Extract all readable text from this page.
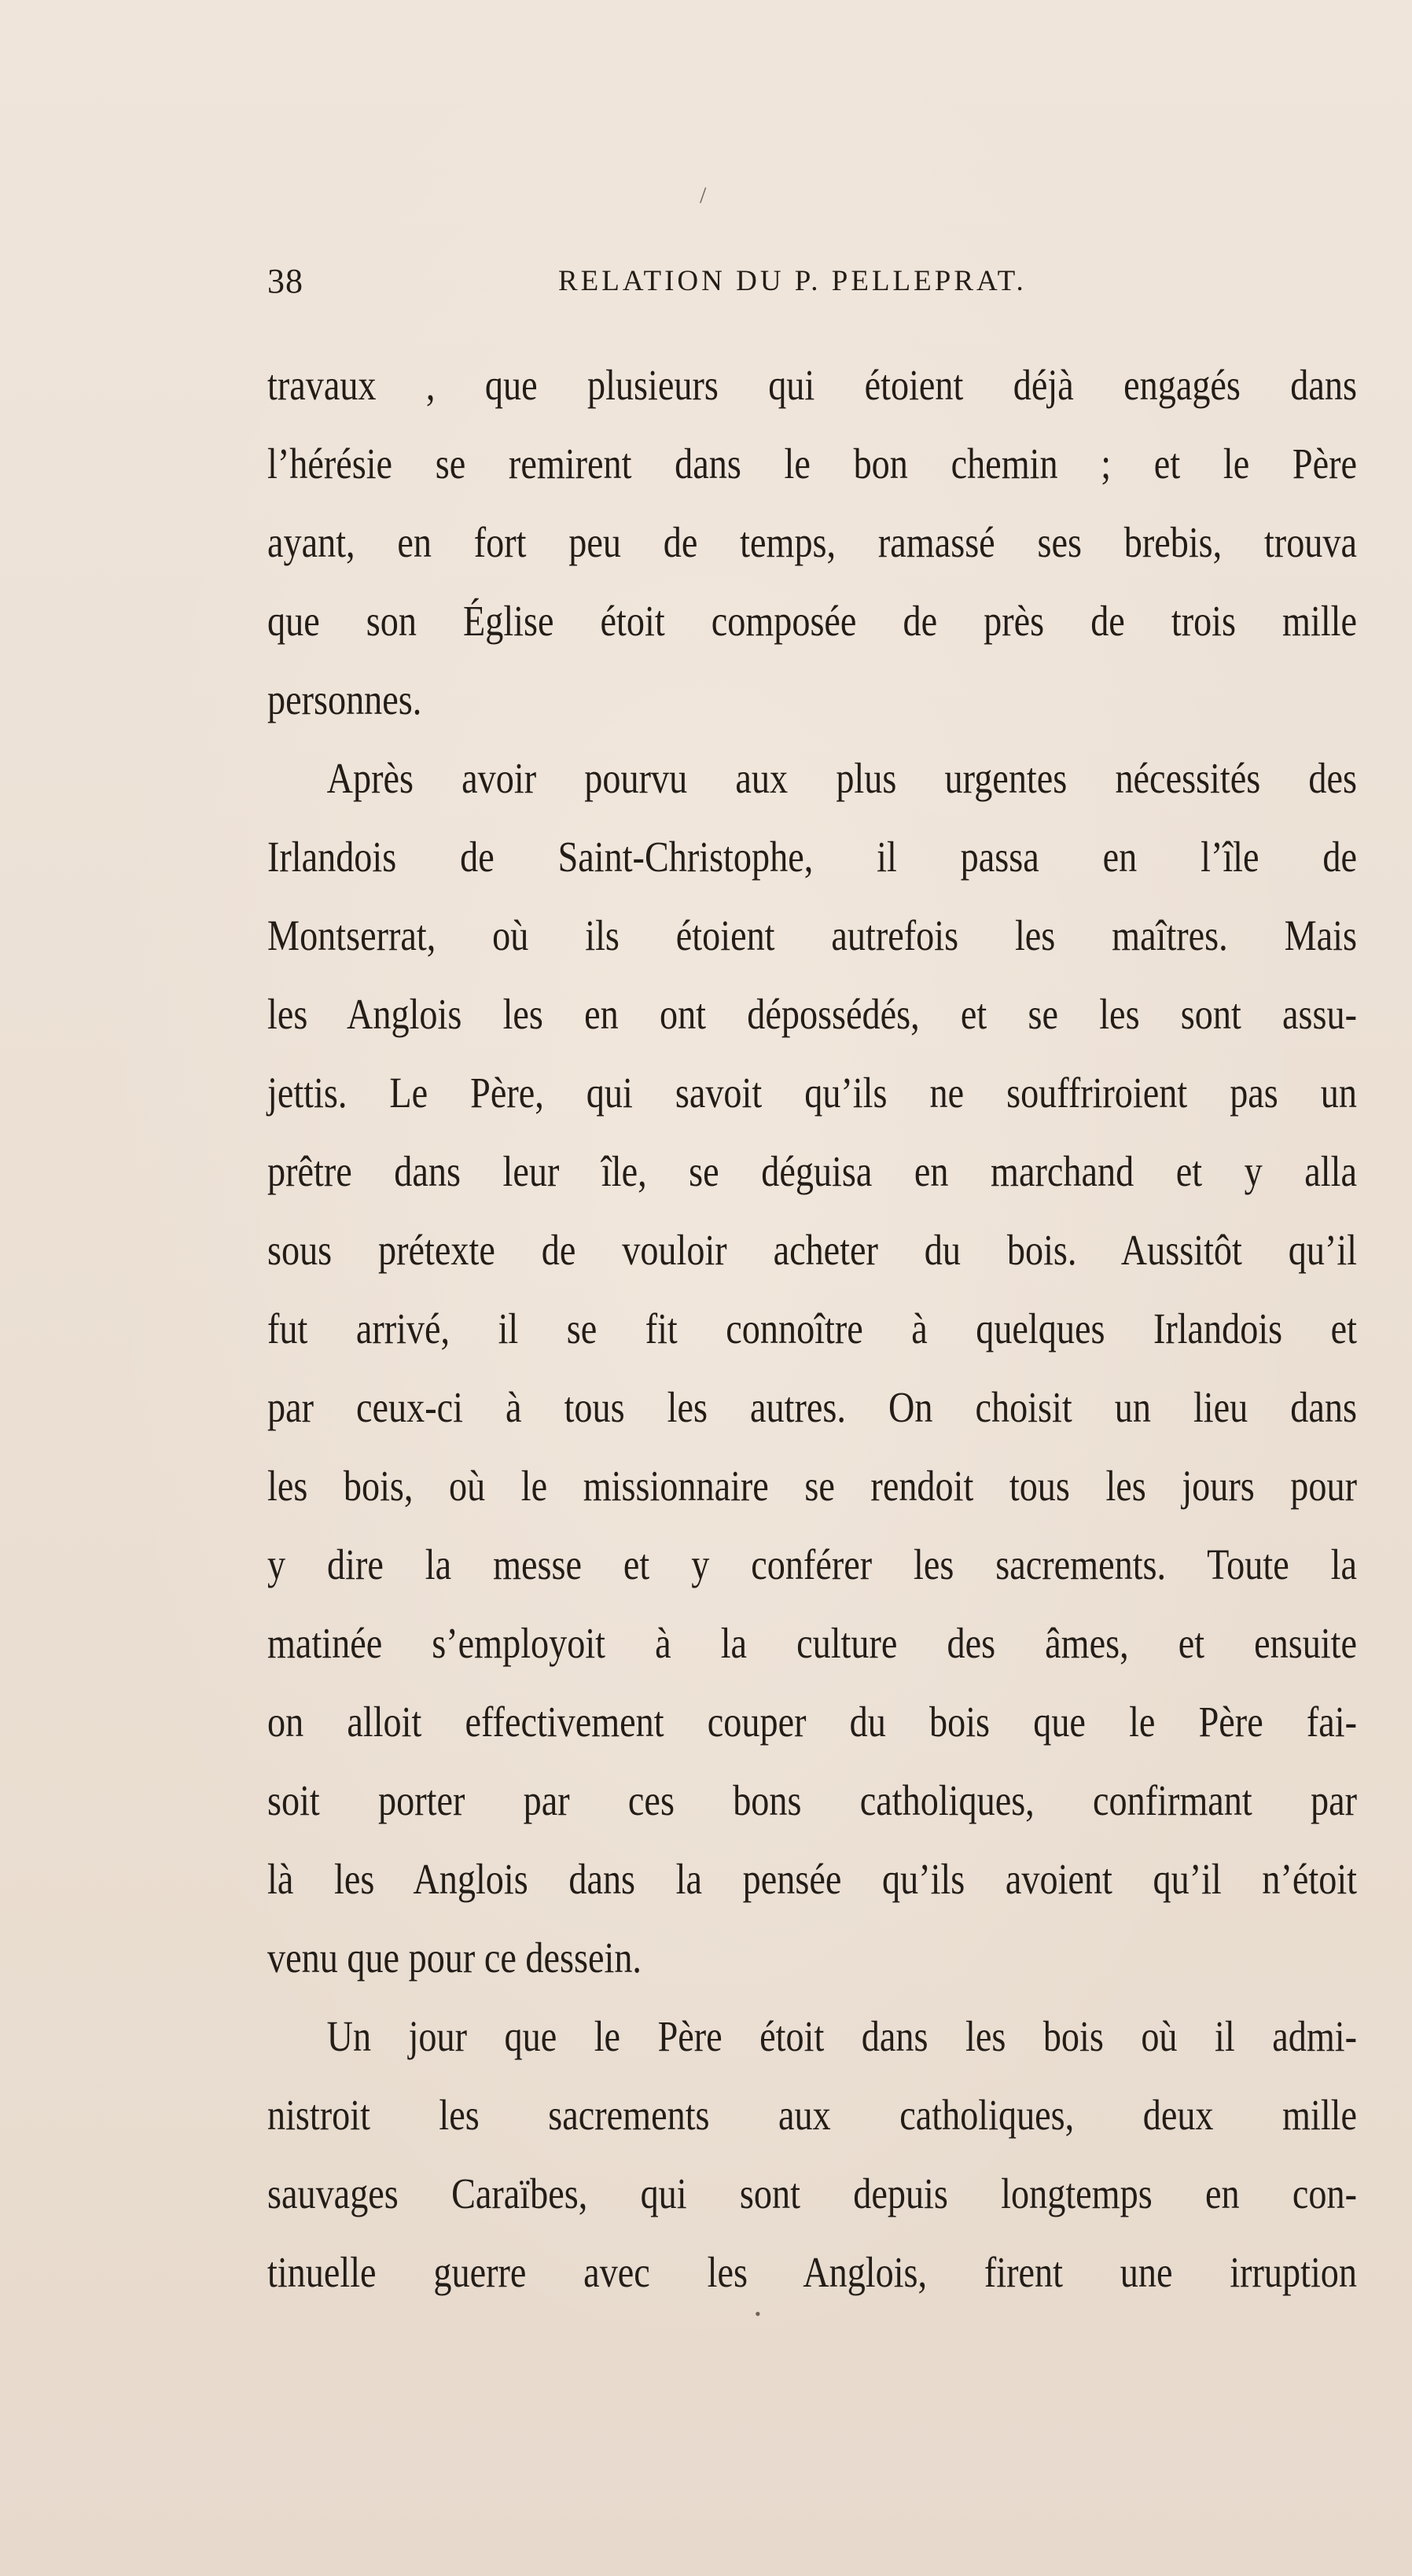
/
38	RELATION DU P. PELLEPRAT.
travaux , que plusieurs qui étoient déjà engagés dans
l’hérésie se remirent dans le bon chemin ; et le Père
ayant, en fort peu de temps, ramassé ses brebis, trouva
que son Église étoit composée de près de trois mille
personnes.
Après avoir pourvu aux plus urgentes nécessités des
Irlandois de Saint-Christophe, il passa en l’île de
Montserrat, où ils étoient autrefois les maîtres. Mais
les Anglois les en ont dépossédés, et se les sont assu-
jettis. Le Père, qui savoit qu’ils ne souffriroient pas un
prêtre dans leur île, se déguisa en marchand et y alla
sous prétexte de vouloir acheter du bois. Aussitôt qu’il
fut arrivé, il se fit connoître à quelques Irlandois et
par ceux-ci à tous les autres. On choisit un lieu dans
les bois, où le missionnaire se rendoit tous les jours pour
y dire la messe et y conférer les sacrements. Toute la
matinée s’employoit à la culture des âmes, et ensuite
on alloit effectivement couper du bois que le Père fai-
soit porter par ces bons catholiques, confirmant par
là les Anglois dans la pensée qu’ils avoient qu’il n’étoit
venu que pour ce dessein.
Un jour que le Père étoit dans les bois où il admi-
nistroit les sacrements aux catholiques, deux mille
sauvages Caraïbes, qui sont depuis longtemps en con-
tinuelle guerre avec les Anglois, firent une irruption
•
